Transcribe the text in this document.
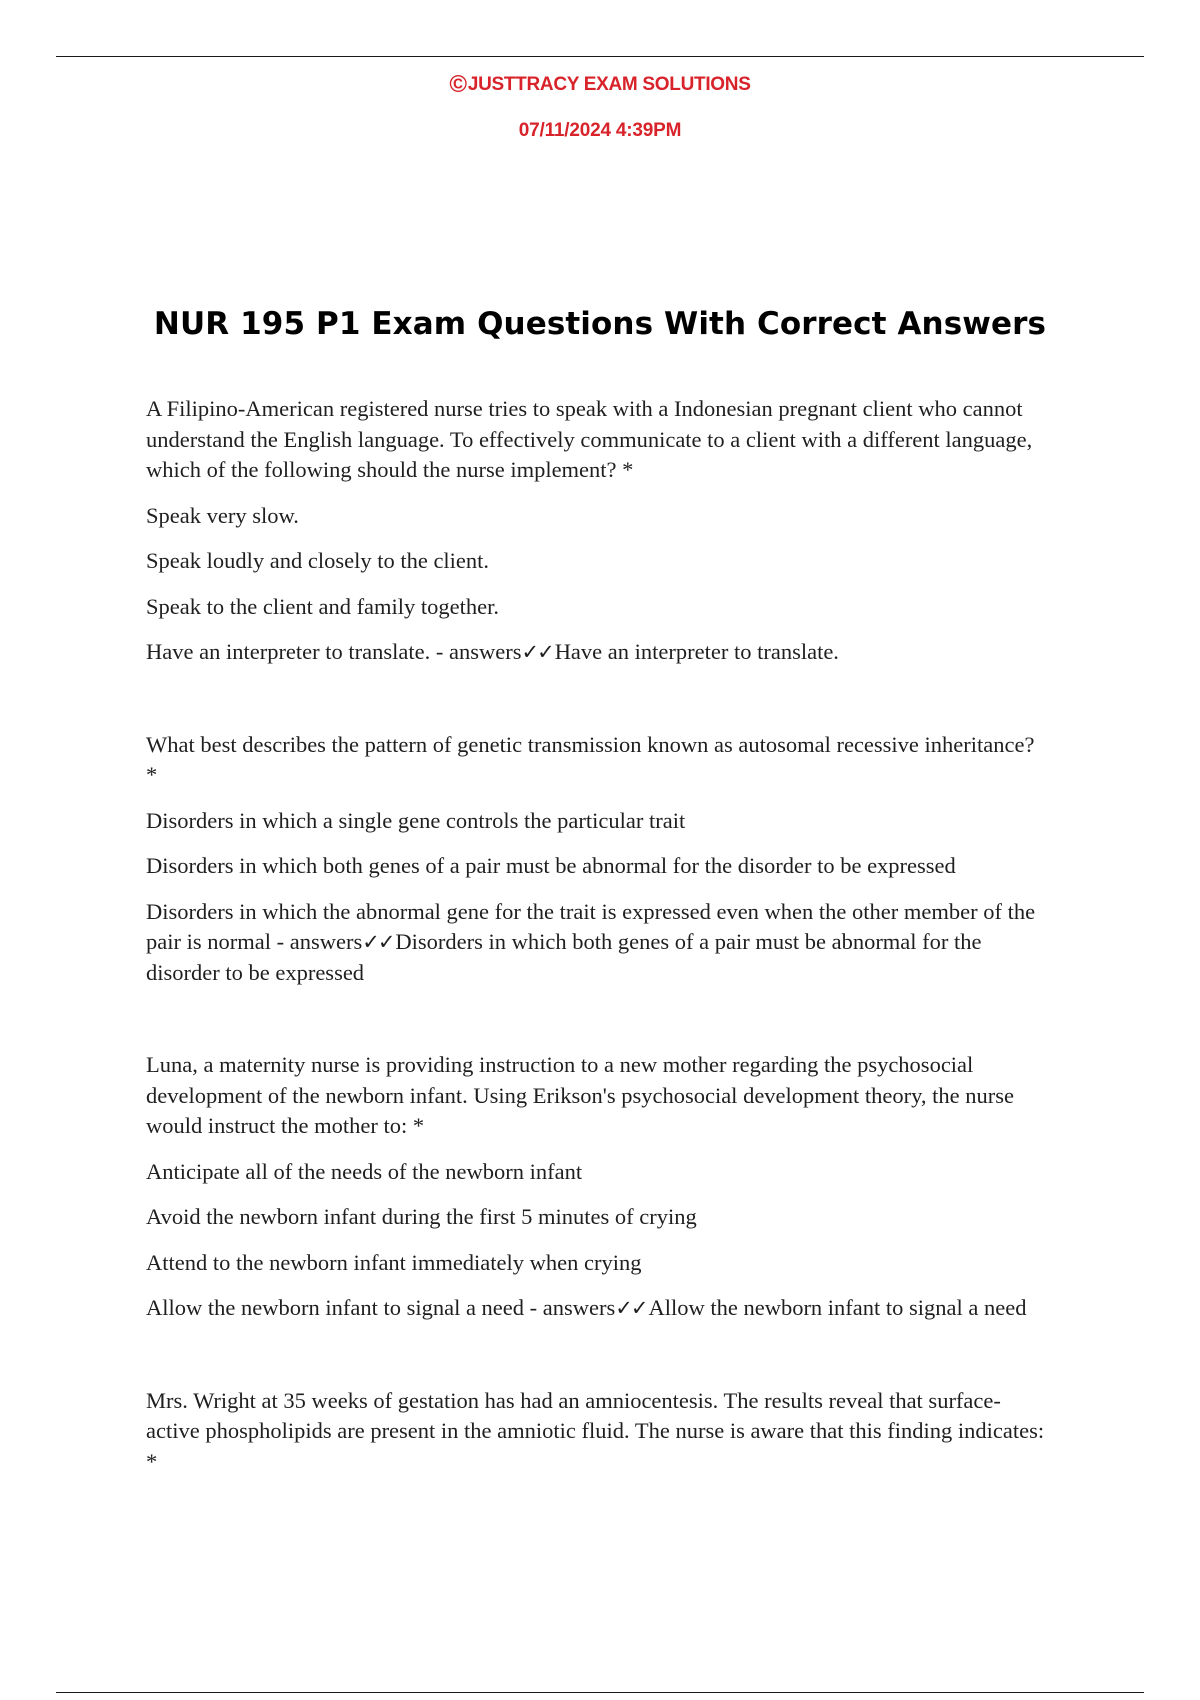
©JUSTTRACY EXAM SOLUTIONS
07/11/2024 4:39PM
NUR 195 P1 Exam Questions With Correct Answers

A Filipino-American registered nurse tries to speak with a Indonesian pregnant client who cannot understand the English language. To effectively communicate to a client with a different language, which of the following should the nurse implement? *

Speak very slow.

Speak loudly and closely to the client.

Speak to the client and family together.

Have an interpreter to translate. - answers✓✓Have an interpreter to translate.

What best describes the pattern of genetic transmission known as autosomal recessive inheritance? *

Disorders in which a single gene controls the particular trait

Disorders in which both genes of a pair must be abnormal for the disorder to be expressed

Disorders in which the abnormal gene for the trait is expressed even when the other member of the pair is normal - answers✓✓Disorders in which both genes of a pair must be abnormal for the disorder to be expressed

Luna, a maternity nurse is providing instruction to a new mother regarding the psychosocial development of the newborn infant. Using Erikson's psychosocial development theory, the nurse would instruct the mother to: *

Anticipate all of the needs of the newborn infant

Avoid the newborn infant during the first 5 minutes of crying

Attend to the newborn infant immediately when crying

Allow the newborn infant to signal a need - answers✓✓Allow the newborn infant to signal a need

Mrs. Wright at 35 weeks of gestation has had an amniocentesis. The results reveal that surface-active phospholipids are present in the amniotic fluid. The nurse is aware that this finding indicates: *
